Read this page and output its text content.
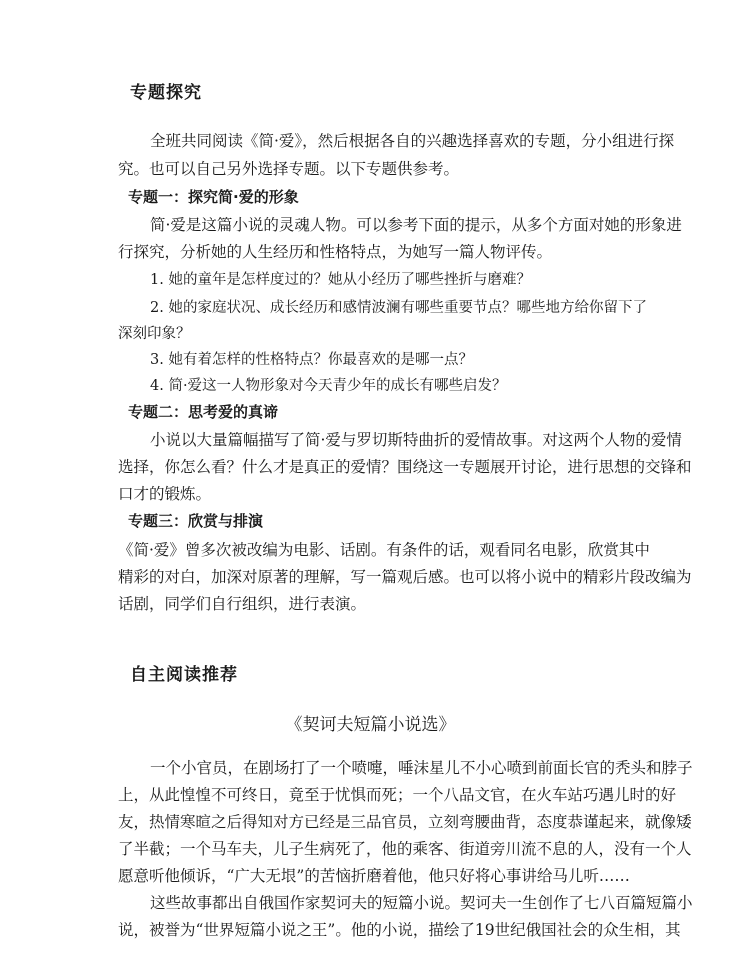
专题探究
全班共同阅读《简·爱》，然后根据各自的兴趣选择喜欢的专题，分小组进行探
究。也可以自己另外选择专题。以下专题供参考。
专题一：探究简·爱的形象
简·爱是这篇小说的灵魂人物。可以参考下面的提示，从多个方面对她的形象进
行探究，分析她的人生经历和性格特点，为她写一篇人物评传。
1. 她的童年是怎样度过的？她从小经历了哪些挫折与磨难？
2. 她的家庭状况、成长经历和感情波澜有哪些重要节点？哪些地方给你留下了
深刻印象？
3. 她有着怎样的性格特点？你最喜欢的是哪一点？
4. 简·爱这一人物形象对今天青少年的成长有哪些启发？
专题二：思考爱的真谛
小说以大量篇幅描写了简·爱与罗切斯特曲折的爱情故事。对这两个人物的爱情
选择，你怎么看？什么才是真正的爱情？围绕这一专题展开讨论，进行思想的交锋和
口才的锻炼。
专题三：欣赏与排演
《简·爱》曾多次被改编为电影、话剧。有条件的话，观看同名电影，欣赏其中
精彩的对白，加深对原著的理解，写一篇观后感。也可以将小说中的精彩片段改编为
话剧，同学们自行组织，进行表演。
自主阅读推荐
《契诃夫短篇小说选》
一个小官员，在剧场打了一个喷嚏，唾沫星儿不小心喷到前面长官的秃头和脖子
上，从此惶惶不可终日，竟至于忧惧而死；一个八品文官，在火车站巧遇儿时的好
友，热情寒暄之后得知对方已经是三品官员，立刻弯腰曲背，态度恭谨起来，就像矮
了半截；一个马车夫，儿子生病死了，他的乘客、街道旁川流不息的人，没有一个人
愿意听他倾诉，“广大无垠”的苦恼折磨着他，他只好将心事讲给马儿听……
这些故事都出自俄国作家契诃夫的短篇小说。契诃夫一生创作了七八百篇短篇小
说，被誉为“世界短篇小说之王”。他的小说，描绘了19世纪俄国社会的众生相，其
